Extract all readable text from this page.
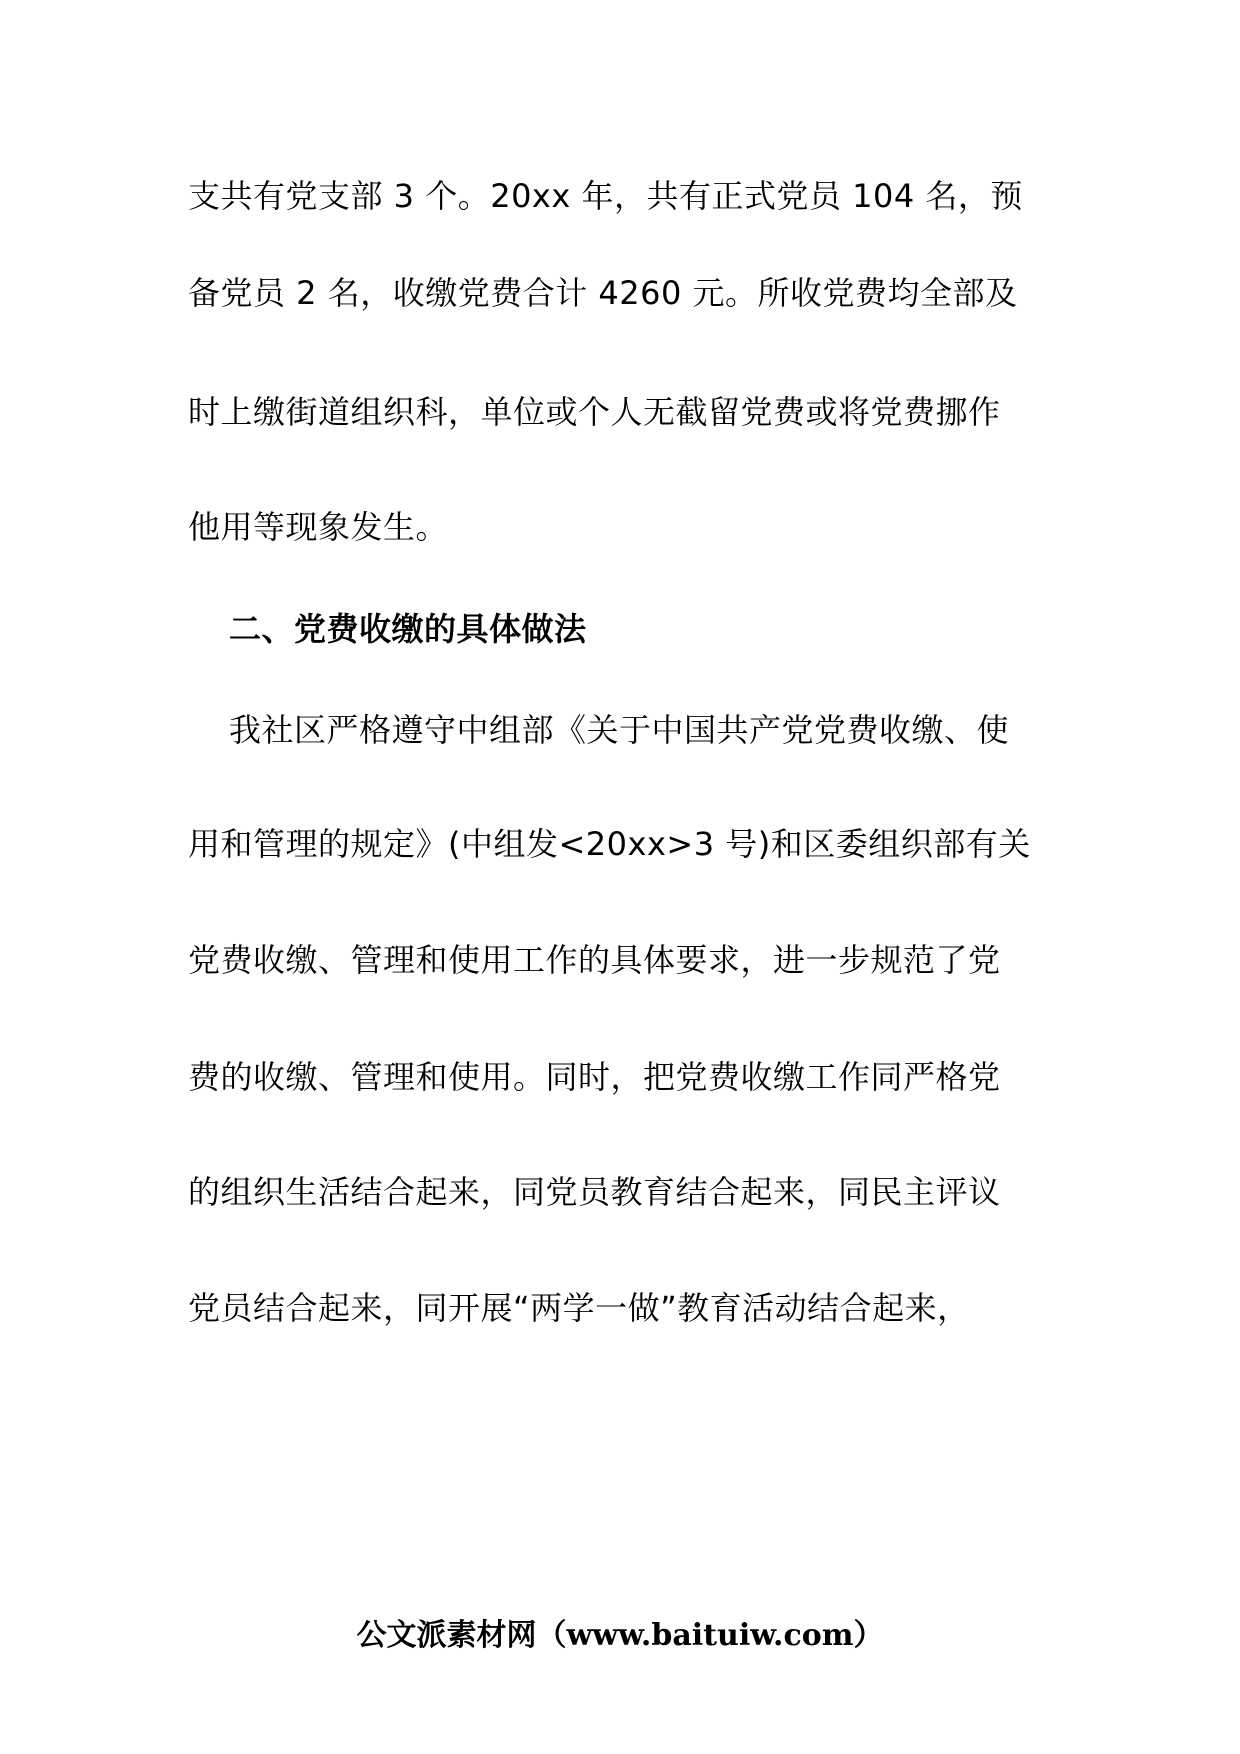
支共有党支部 3 个。20xx 年，共有正式党员 104 名，预
备党员 2 名，收缴党费合计 4260 元。所收党费均全部及
时上缴街道组织科，单位或个人无截留党费或将党费挪作
他用等现象发生。
二、党费收缴的具体做法
我社区严格遵守中组部《关于中国共产党党费收缴、使
用和管理的规定》(中组发<20xx>3 号)和区委组织部有关
党费收缴、管理和使用工作的具体要求，进一步规范了党
费的收缴、管理和使用。同时，把党费收缴工作同严格党
的组织生活结合起来，同党员教育结合起来，同民主评议
党员结合起来，同开展“两学一做”教育活动结合起来，
公文派素材网（www.baituiw.com）
